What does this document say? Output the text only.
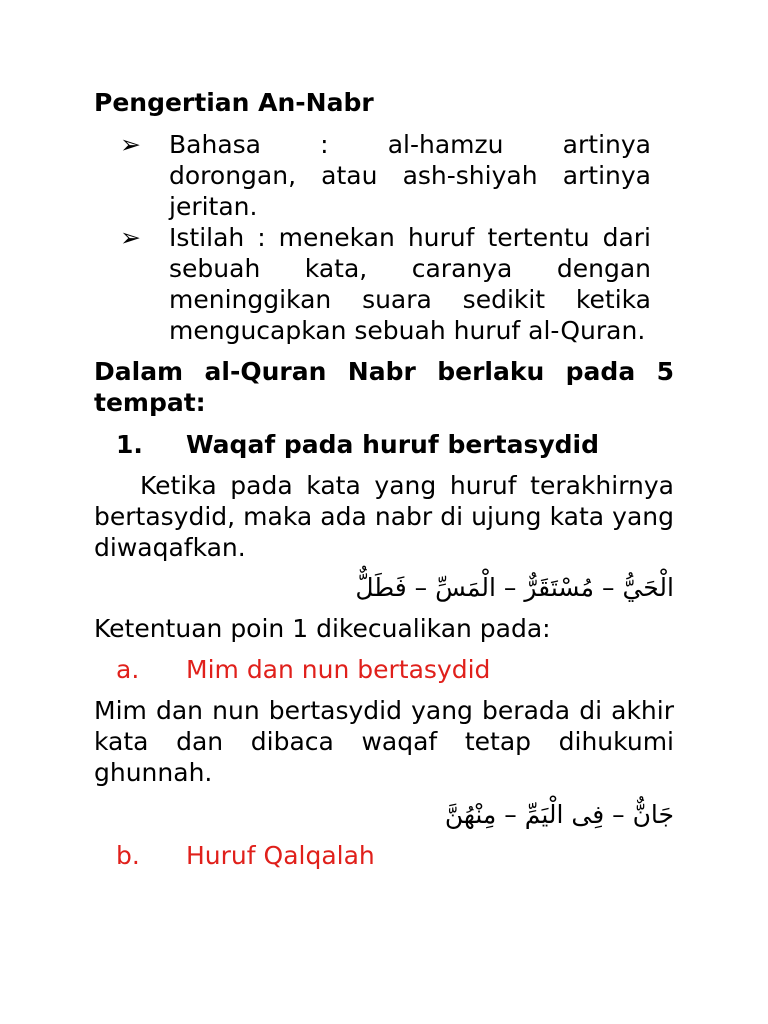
Pengertian An-Nabr
➢ Bahasa : al-hamzu artinya
dorongan, atau ash-shiyah artinya jeritan.
➢ Istilah : menekan huruf tertentu dari sebuah kata, caranya dengan meninggikan suara sedikit ketika mengucapkan sebuah huruf al-Quran.
Dalam al-Quran Nabr berlaku pada 5 tempat:
1. Waqaf pada huruf bertasydid
Ketika pada kata yang huruf terakhirnya bertasydid, maka ada nabr di ujung kata yang diwaqafkan.
الْحَيُّ – مُسْتَقَرٌّ – الْمَسِّ – فَطَلٌّ
Ketentuan poin 1 dikecualikan pada:
a. Mim dan nun bertasydid
Mim dan nun bertasydid yang berada di akhir kata dan dibaca waqaf tetap dihukumi ghunnah.
جَانٌّ – فِى الْيَمِّ – مِنْهُنَّ
b. Huruf Qalqalah
